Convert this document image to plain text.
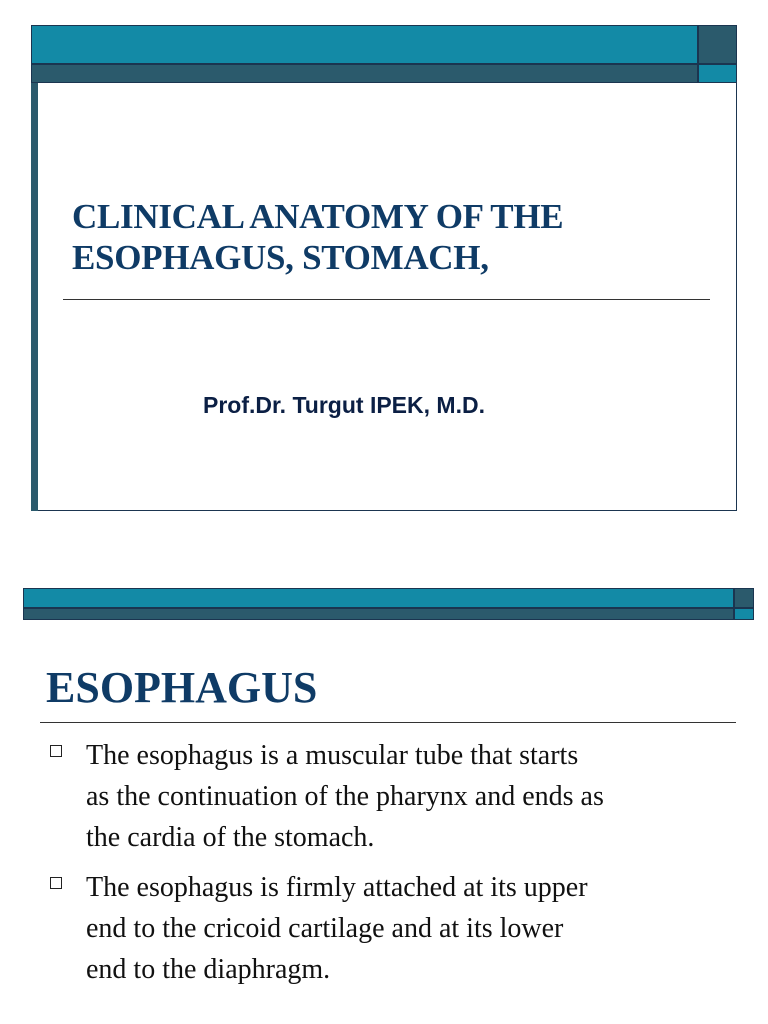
CLINICAL ANATOMY OF THE
ESOPHAGUS, STOMACH,
Prof.Dr. Turgut IPEK, M.D.
ESOPHAGUS
The esophagus is a muscular tube that starts
as the continuation of the pharynx and ends as
the cardia of the stomach.
The esophagus is firmly attached at its upper
end to the cricoid cartilage and at its lower
end to the diaphragm.
